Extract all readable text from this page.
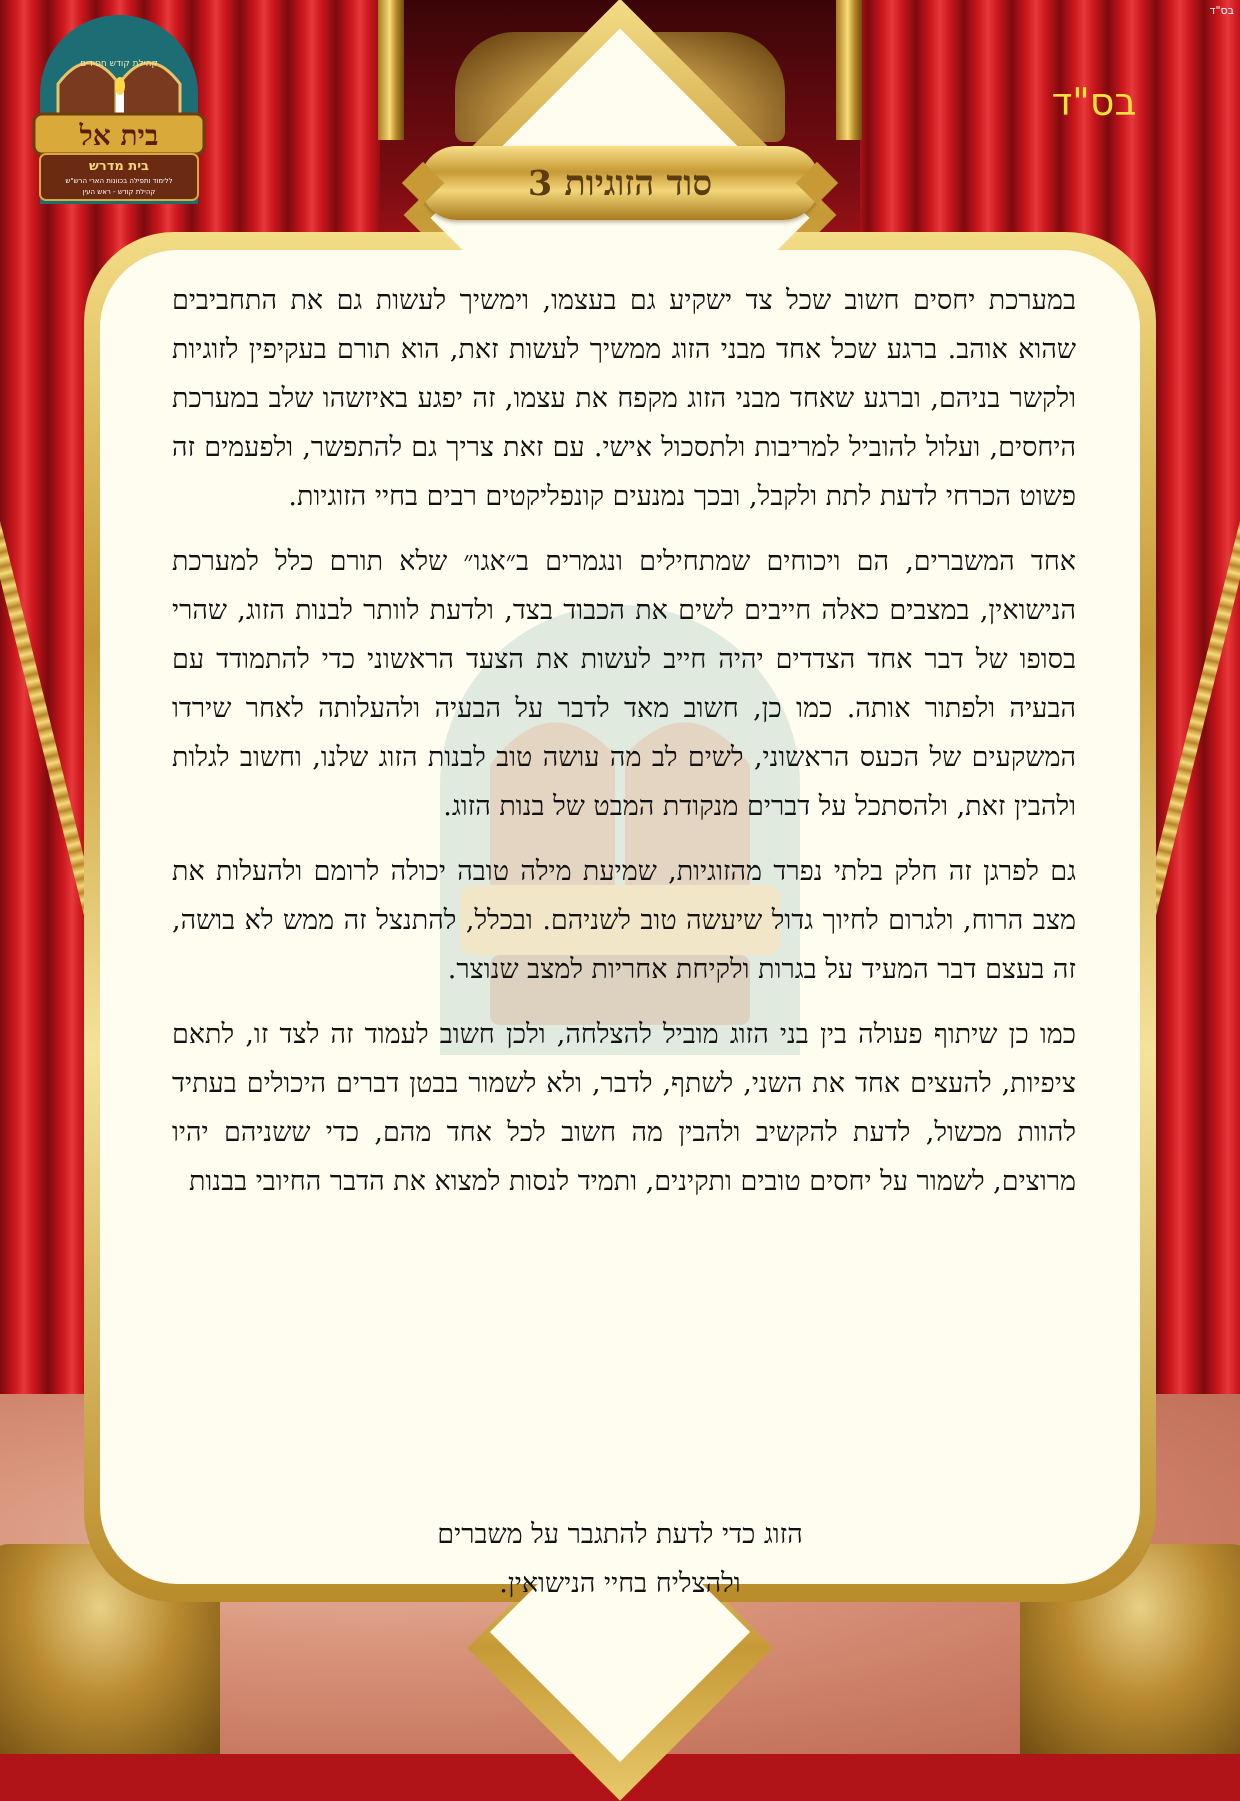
בית אל
קהילת קודש חסידים
בית מדרש
ללימוד ותפילה בכוונות הארי הרש"ש
קהילת קודש - ראש העין
בס"ד
בס"ד
סוד הזוגיות 3

במערכת יחסים חשוב שכל צד ישקיע גם בעצמו, וימשיך לעשות גם את התחביבים שהוא אוהב. ברגע שכל אחד מבני הזוג ממשיך לעשות זאת, הוא תורם בעקיפין לזוגיות ולקשר בניהם, וברגע שאחד מבני הזוג מקפח את עצמו, זה יפגע באיזשהו שלב במערכת היחסים, ועלול להוביל למריבות ולתסכול אישי. עם זאת צריך גם להתפשר, ולפעמים זה פשוט הכרחי לדעת לתת ולקבל, ובכך נמנעים קונפליקטים רבים בחיי הזוגיות.

אחד המשברים, הם ויכוחים שמתחילים ונגמרים ב״אגו״ שלא תורם כלל למערכת הנישואין, במצבים כאלה חייבים לשים את הכבוד בצד, ולדעת לוותר לבנות הזוג, שהרי בסופו של דבר אחד הצדדים יהיה חייב לעשות את הצעד הראשוני כדי להתמודד עם הבעיה ולפתור אותה. כמו כן, חשוב מאד לדבר על הבעיה ולהעלותה לאחר שירדו המשקעים של הכעס הראשוני, לשים לב מה עושה טוב לבנות הזוג שלנו, וחשוב לגלות ולהבין זאת, ולהסתכל על דברים מנקודת המבט של בנות הזוג.

גם לפרגן זה חלק בלתי נפרד מהזוגיות, שמיעת מילה טובה יכולה לרומם ולהעלות את מצב הרוח, ולגרום לחיוך גדול שיעשה טוב לשניהם. ובכלל, להתנצל זה ממש לא בושה, זה בעצם דבר המעיד על בגרות ולקיחת אחריות למצב שנוצר.

כמו כן שיתוף פעולה בין בני הזוג מוביל להצלחה, ולכן חשוב לעמוד זה לצד זו, לתאם ציפיות, להעצים אחד את השני, לשתף, לדבר, ולא לשמור בבטן דברים היכולים בעתיד להוות מכשול, לדעת להקשיב ולהבין מה חשוב לכל אחד מהם, כדי ששניהם יהיו מרוצים, לשמור על יחסים טובים ותקינים, ותמיד לנסות למצוא את הדבר החיובי בבנות

הזוג כדי לדעת להתגבר על משברים
ולהצליח בחיי הנישואין.
